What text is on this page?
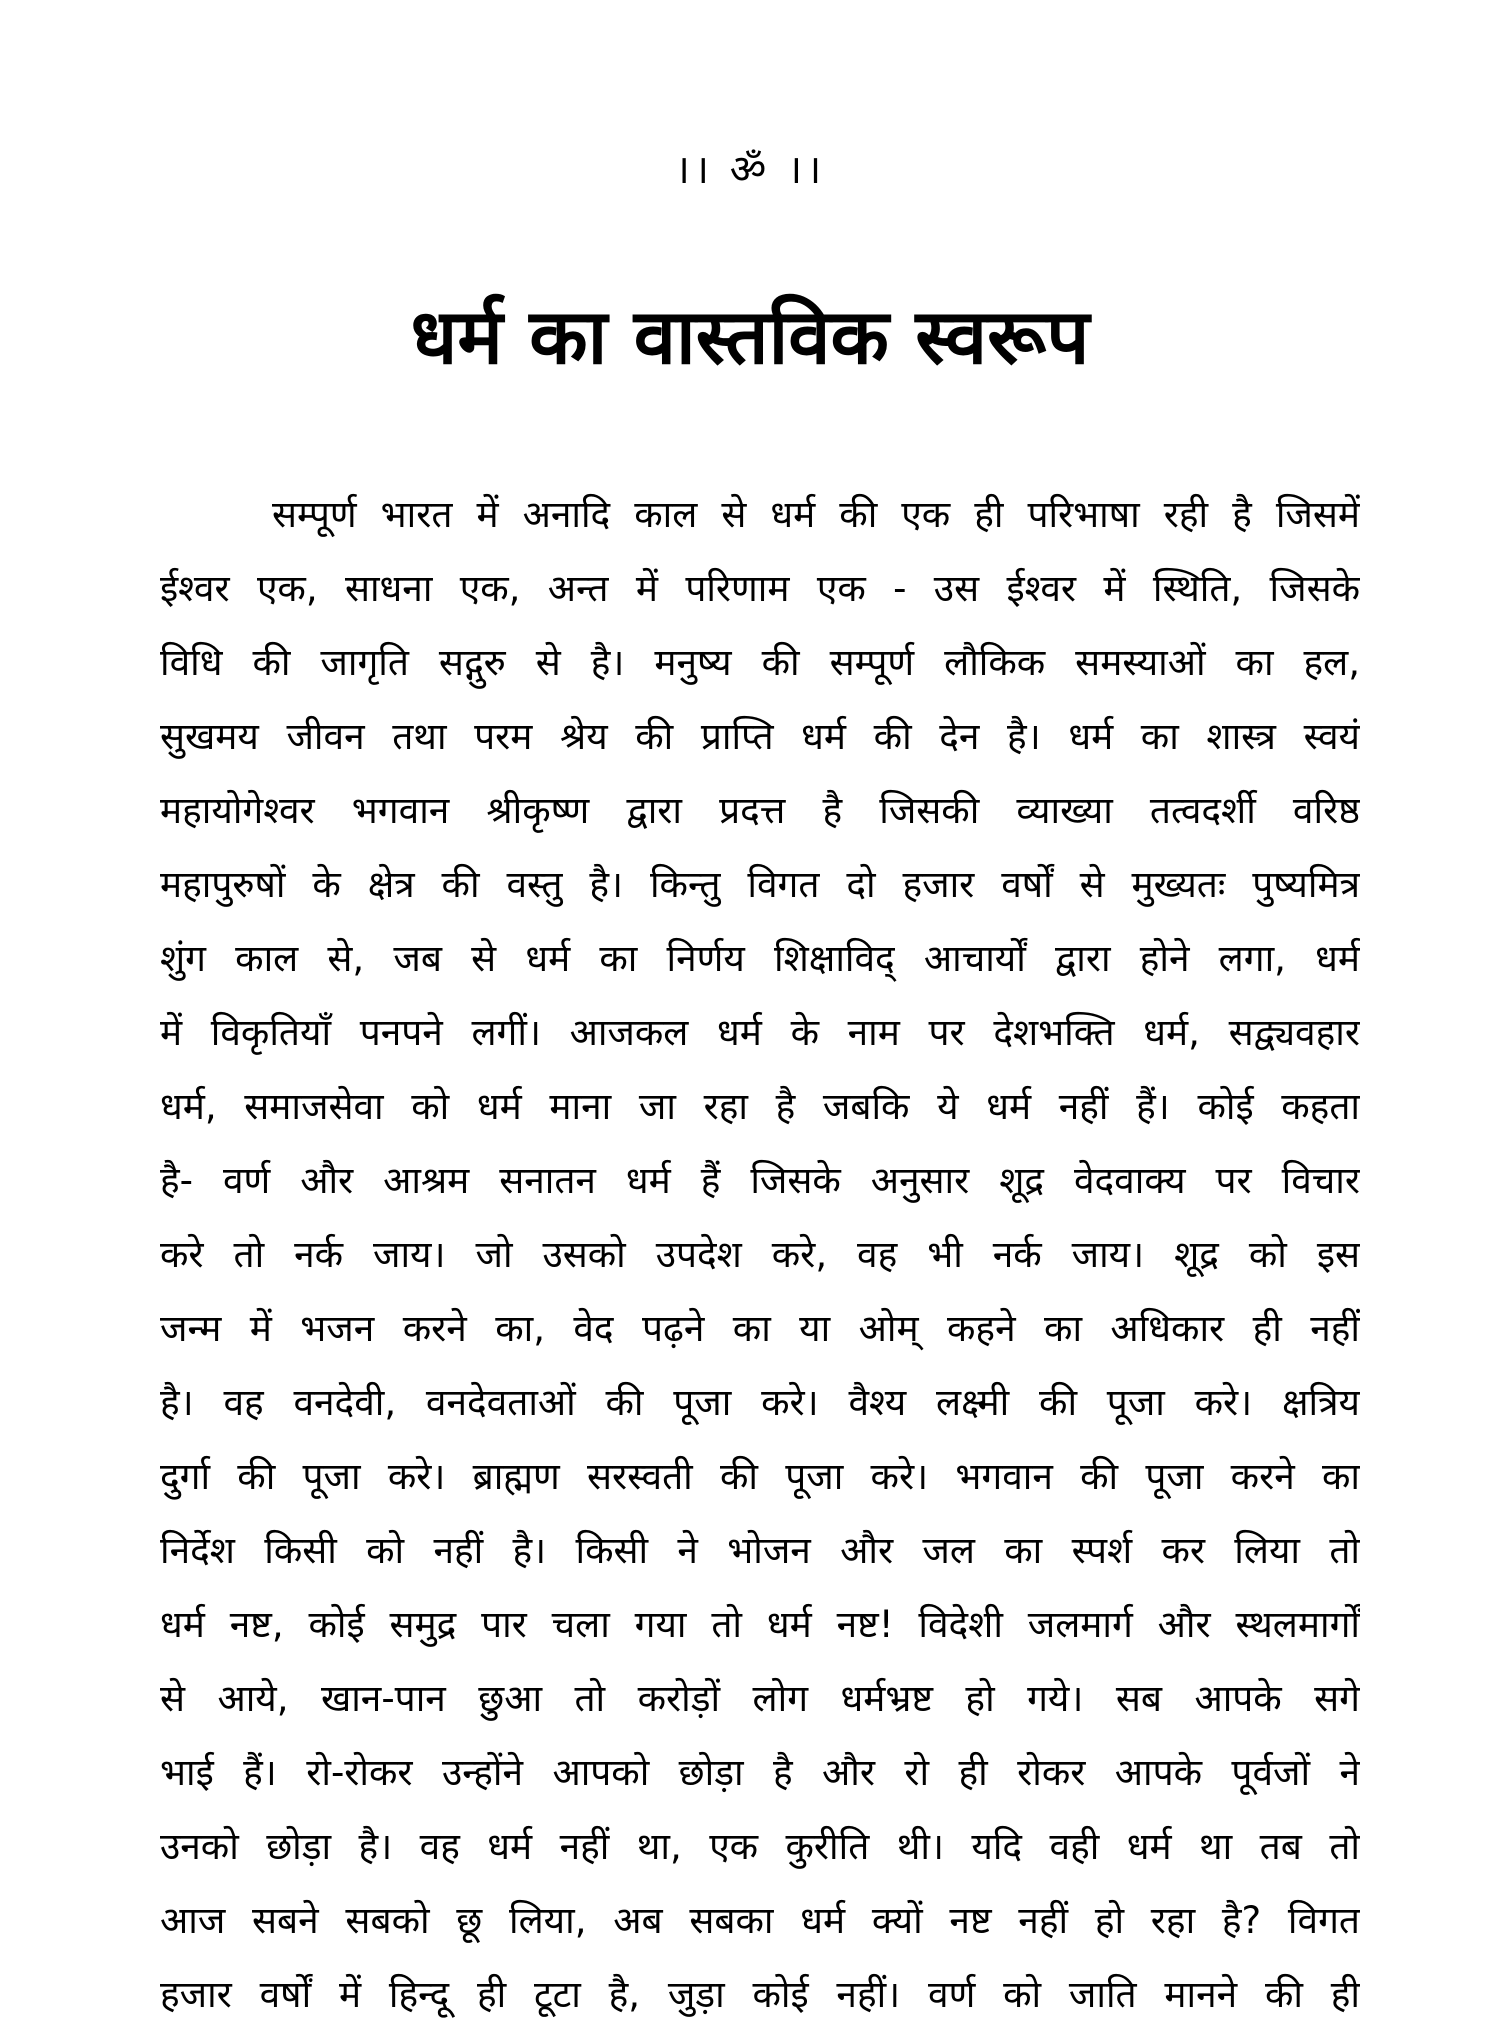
।। ॐ ।।
धर्म का वास्तविक स्वरूप
सम्पूर्ण भारत में अनादि काल से धर्म की एक ही परिभाषा रही है जिसमें
ईश्वर एक, साधना एक, अन्त में परिणाम एक - उस ईश्वर में स्थिति, जिसके
विधि की जागृति सद्गुरु से है। मनुष्य की सम्पूर्ण लौकिक समस्याओं का हल,
सुखमय जीवन तथा परम श्रेय की प्राप्ति धर्म की देन है। धर्म का शास्त्र स्वयं
महायोगेश्वर भगवान श्रीकृष्ण द्वारा प्रदत्त है जिसकी व्याख्या तत्वदर्शी वरिष्ठ
महापुरुषों के क्षेत्र की वस्तु है। किन्तु विगत दो हजार वर्षों से मुख्यतः पुष्यमित्र
शुंग काल से, जब से धर्म का निर्णय शिक्षाविद् आचार्यों द्वारा होने लगा, धर्म
में विकृतियाँ पनपने लगीं। आजकल धर्म के नाम पर देशभक्ति धर्म, सद्व्यवहार
धर्म, समाजसेवा को धर्म माना जा रहा है जबकि ये धर्म नहीं हैं। कोई कहता
है- वर्ण और आश्रम सनातन धर्म हैं जिसके अनुसार शूद्र वेदवाक्य पर विचार
करे तो नर्क जाय। जो उसको उपदेश करे, वह भी नर्क जाय। शूद्र को इस
जन्म में भजन करने का, वेद पढ़ने का या ओम् कहने का अधिकार ही नहीं
है। वह वनदेवी, वनदेवताओं की पूजा करे। वैश्य लक्ष्मी की पूजा करे। क्षत्रिय
दुर्गा की पूजा करे। ब्राह्मण सरस्वती की पूजा करे। भगवान की पूजा करने का
निर्देश किसी को नहीं है। किसी ने भोजन और जल का स्पर्श कर लिया तो
धर्म नष्ट, कोई समुद्र पार चला गया तो धर्म नष्ट! विदेशी जलमार्ग और स्थलमार्गों
से आये, खान-पान छुआ तो करोड़ों लोग धर्मभ्रष्ट हो गये। सब आपके सगे
भाई हैं। रो-रोकर उन्होंने आपको छोड़ा है और रो ही रोकर आपके पूर्वजों ने
उनको छोड़ा है। वह धर्म नहीं था, एक कुरीति थी। यदि वही धर्म था तब तो
आज सबने सबको छू लिया, अब सबका धर्म क्यों नष्ट नहीं हो रहा है? विगत
हजार वर्षों में हिन्दू ही टूटा है, जुड़ा कोई नहीं। वर्ण को जाति मानने की ही
